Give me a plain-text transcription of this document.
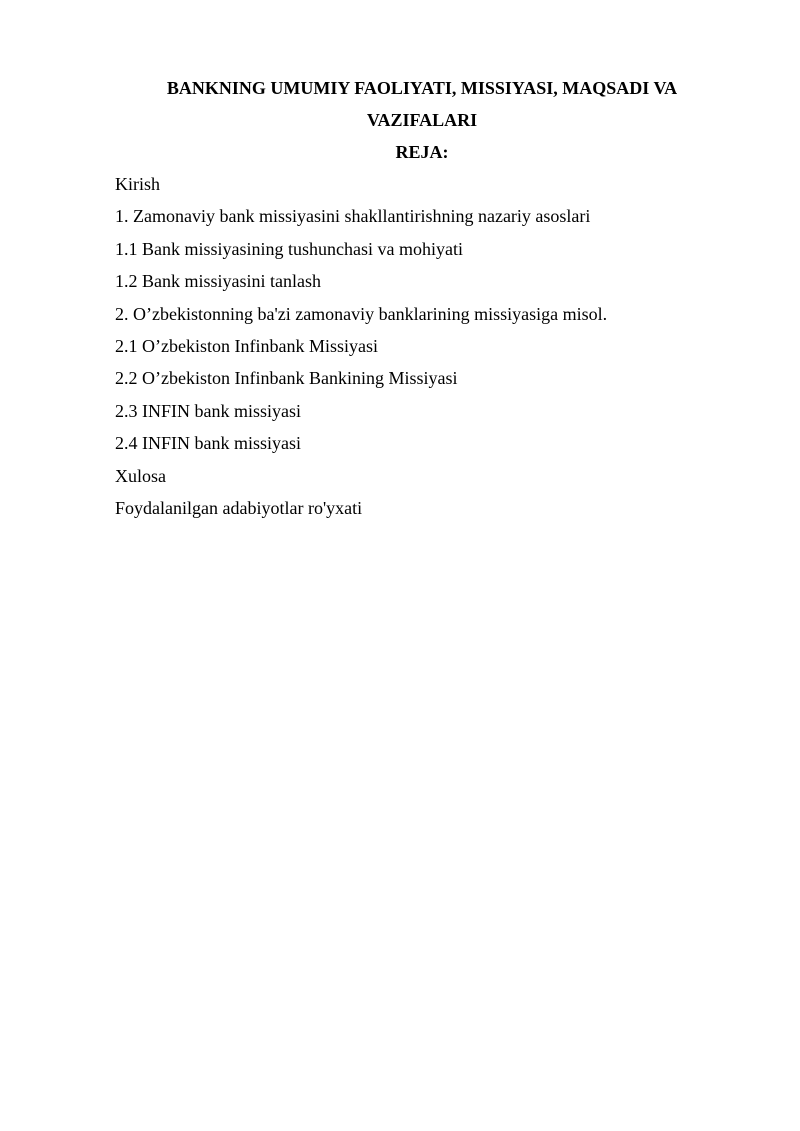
BANKNING UMUMIY FAOLIYATI, MISSIYASI, MAQSADI VA VAZIFALARI
REJA:
Kirish
1. Zamonaviy bank missiyasini shakllantirishning nazariy asoslari
1.1 Bank missiyasining tushunchasi va mohiyati
1.2 Bank missiyasini tanlash
2. O’zbekistonning ba'zi zamonaviy banklarining missiyasiga misol.
2.1 O’zbekiston Infinbank Missiyasi
2.2 O’zbekiston Infinbank Bankining Missiyasi
2.3 INFIN bank missiyasi
2.4 INFIN bank missiyasi
Xulosa
Foydalanilgan adabiyotlar ro'yxati
